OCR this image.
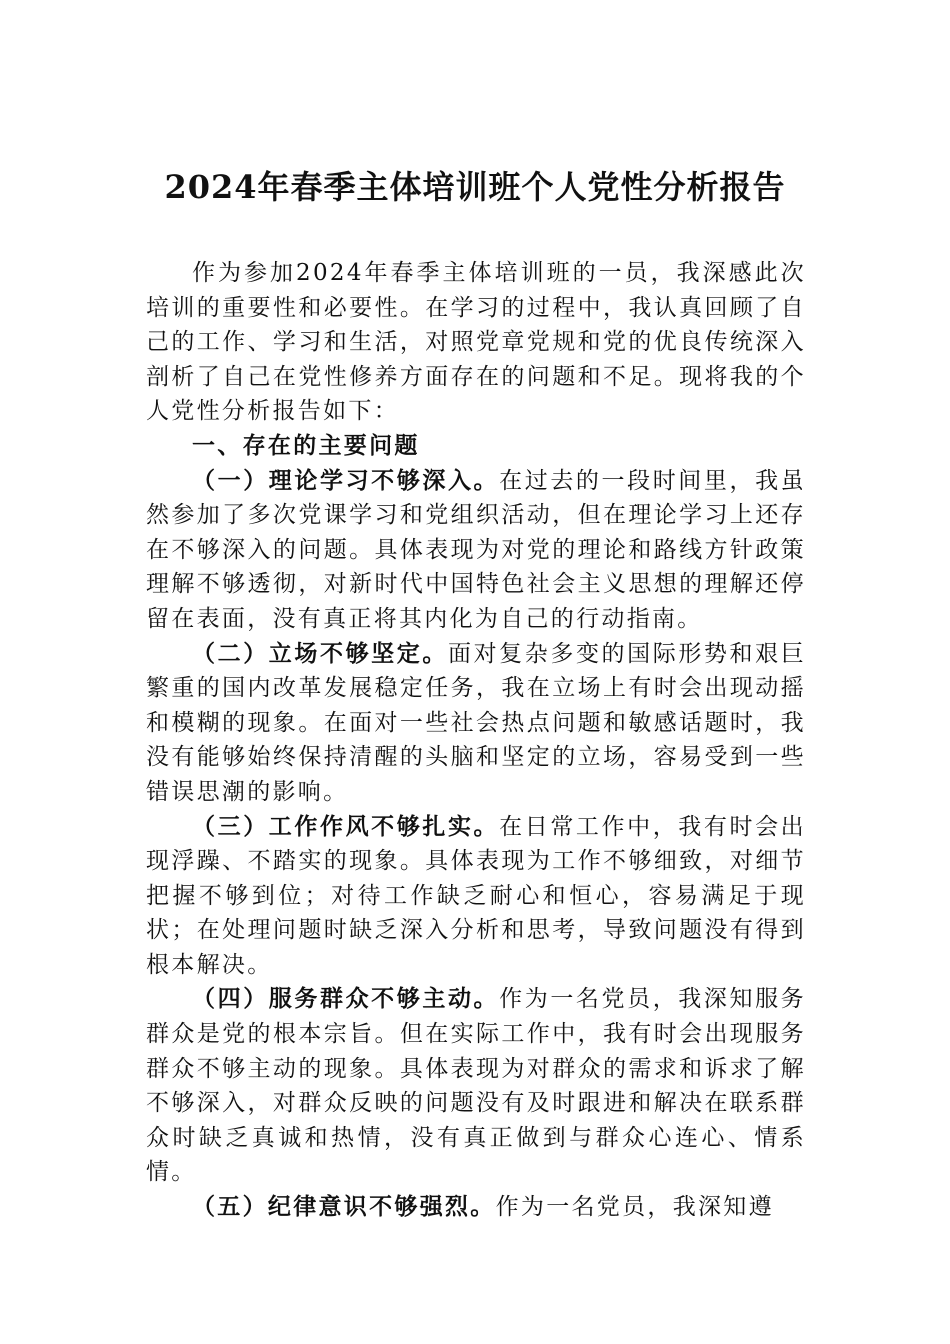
2024年春季主体培训班个人党性分析报告

作为参加2024年春季主体培训班的一员，我深感此次培训的重要性和必要性。在学习的过程中，我认真回顾了自己的工作、学习和生活，对照党章党规和党的优良传统深入剖析了自己在党性修养方面存在的问题和不足。现将我的个人党性分析报告如下：

一、存在的主要问题

（一）理论学习不够深入。在过去的一段时间里，我虽然参加了多次党课学习和党组织活动，但在理论学习上还存在不够深入的问题。具体表现为对党的理论和路线方针政策理解不够透彻，对新时代中国特色社会主义思想的理解还停留在表面，没有真正将其内化为自己的行动指南。

（二）立场不够坚定。面对复杂多变的国际形势和艰巨繁重的国内改革发展稳定任务，我在立场上有时会出现动摇和模糊的现象。在面对一些社会热点问题和敏感话题时，我没有能够始终保持清醒的头脑和坚定的立场，容易受到一些错误思潮的影响。

（三）工作作风不够扎实。在日常工作中，我有时会出现浮躁、不踏实的现象。具体表现为工作不够细致，对细节把握不够到位；对待工作缺乏耐心和恒心，容易满足于现状；在处理问题时缺乏深入分析和思考，导致问题没有得到根本解决。

（四）服务群众不够主动。作为一名党员，我深知服务群众是党的根本宗旨。但在实际工作中，我有时会出现服务群众不够主动的现象。具体表现为对群众的需求和诉求了解不够深入，对群众反映的问题没有及时跟进和解决在联系群众时缺乏真诚和热情，没有真正做到与群众心连心、情系情。

（五）纪律意识不够强烈。作为一名党员，我深知遵
